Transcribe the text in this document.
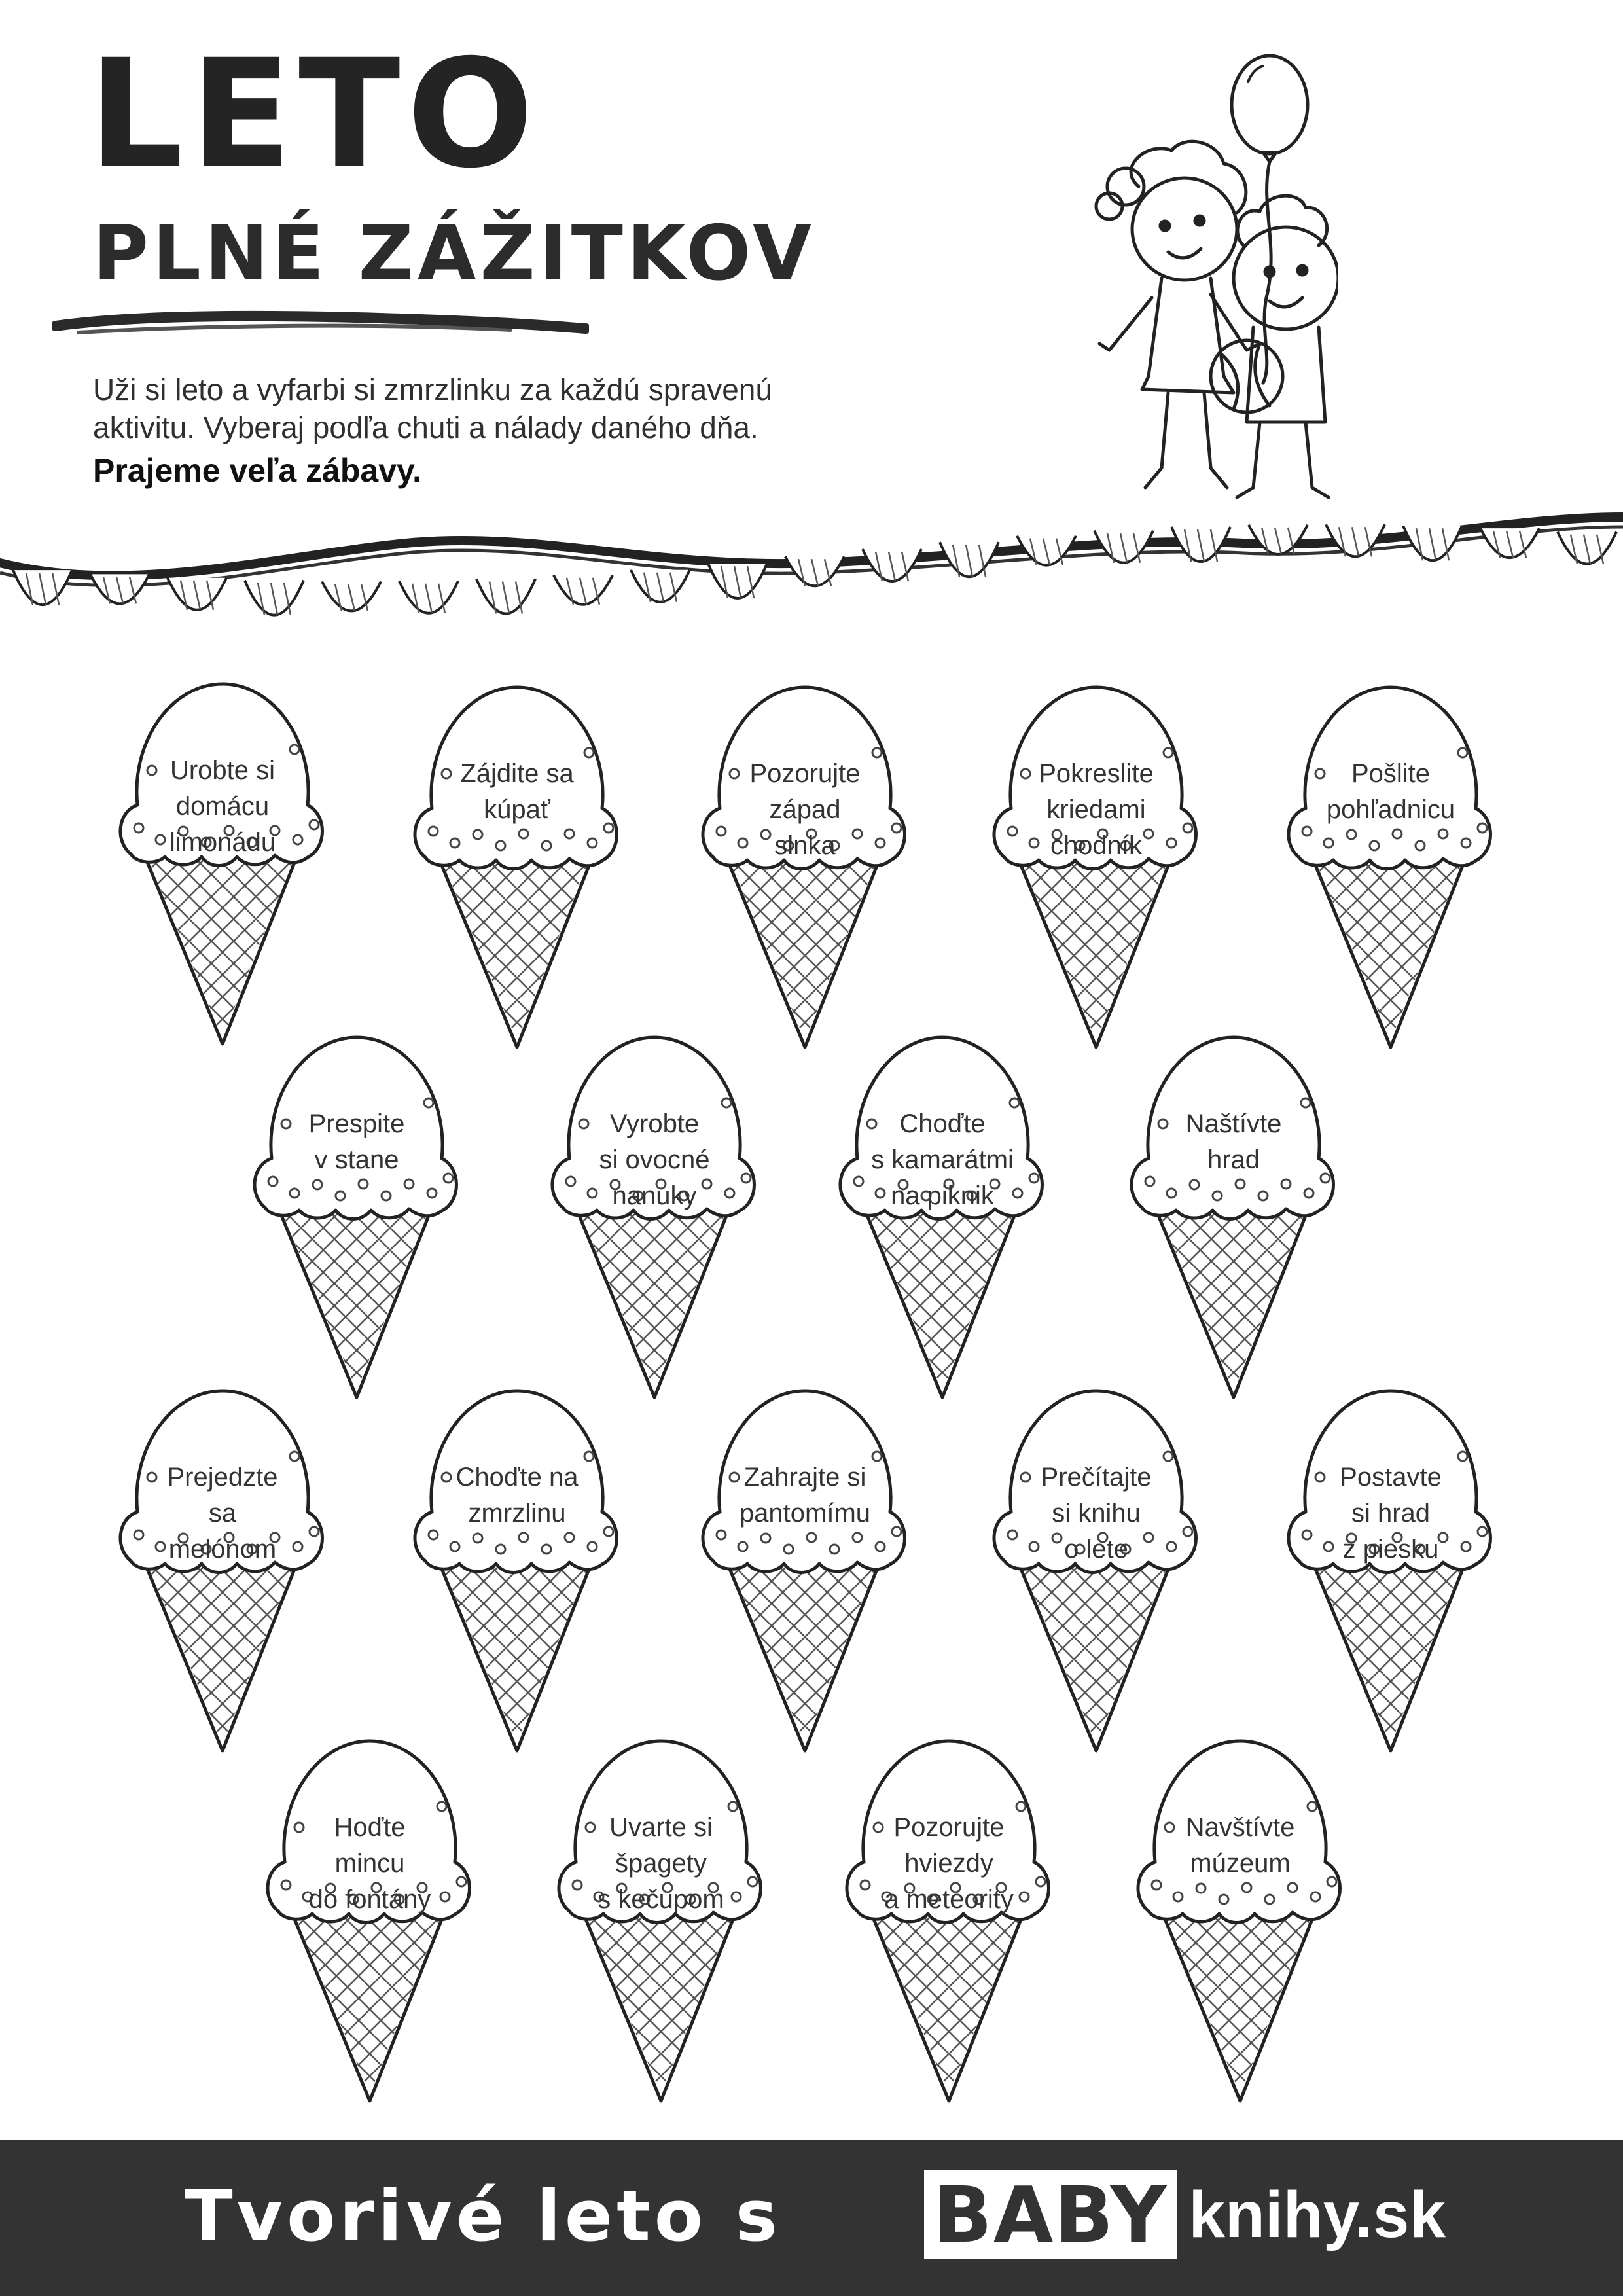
LETO
PLNÉ ZÁŽITKOV

Uži si leto a vyfarbi si zmrzlinku za každú spravenú

aktivitu. Vyberaj podľa chuti a nálady daného dňa.

Prajeme veľa zábavy.

Urobte si
domácu
limonádu
Zájdite sa
kúpať
Pozorujte
západ
slnka
Pokreslite
kriedami
chodník
Pošlite
pohľadnicu
Prespite
v stane
Vyrobte
si ovocné
nanuky
Choďte
s kamarátmi
na piknik
Naštívte
hrad
Prejedzte sa
melónom
Choďte na
zmrzlinu
Zahrajte si
pantomímu
Prečítajte
si knihu
o lete
Postavte
si hrad
z piesku
Hoďte
mincu
do fontány
Uvarte si
špagety
s kečupom
Pozorujte
hviezdy
a meteority
Navštívte
múzeum

Tvorivé leto s BABY knihy.sk
